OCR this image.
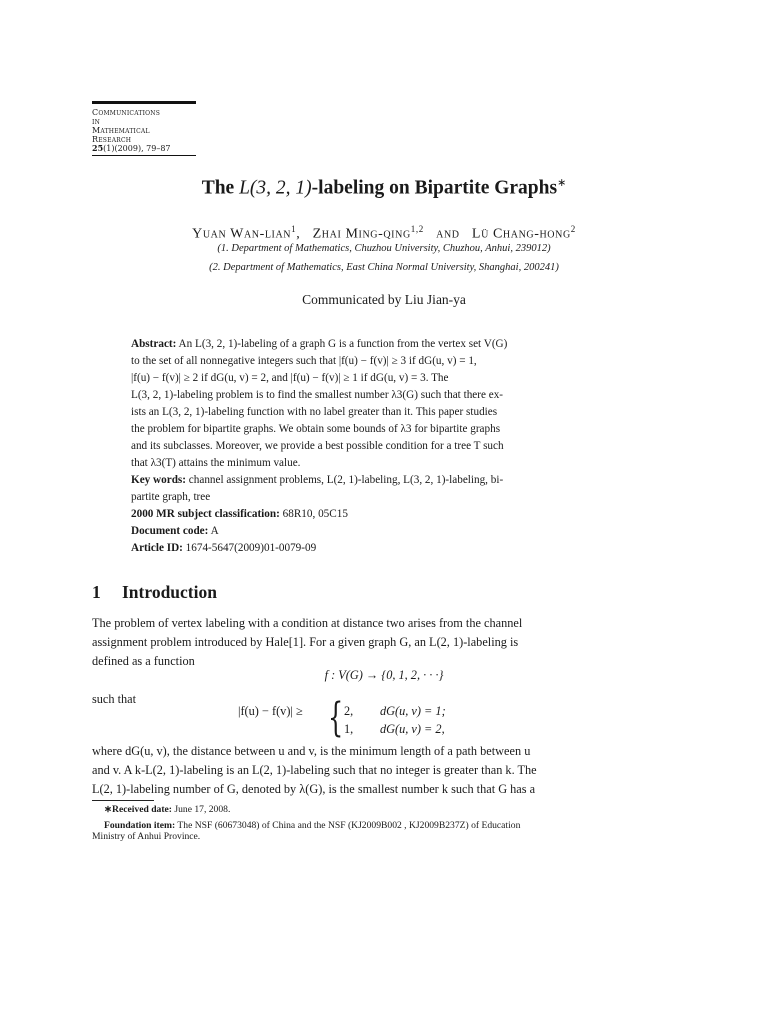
Communications
in
Mathematical
Research
25(1)(2009), 79–87
The L(3, 2, 1)-labeling on Bipartite Graphs∗
Yuan Wan-lian$^1$,   Zhai Ming-qing$^{1,2}$ and Lü Chang-hong$^2$
(1. Department of Mathematics, Chuzhou University, Chuzhou, Anhui, 239012)
(2. Department of Mathematics, East China Normal University, Shanghai, 200241)
Communicated by Liu Jian-ya
Abstract: An L(3, 2, 1)-labeling of a graph G is a function from the vertex set V(G)
to the set of all nonnegative integers such that |f(u) − f(v)| ≥ 3 if dG(u, v) = 1,
|f(u) − f(v)| ≥ 2 if dG(u, v) = 2, and |f(u) − f(v)| ≥ 1 if dG(u, v) = 3. The
L(3, 2, 1)-labeling problem is to find the smallest number λ3(G) such that there ex-
ists an L(3, 2, 1)-labeling function with no label greater than it. This paper studies
the problem for bipartite graphs. We obtain some bounds of λ3 for bipartite graphs
and its subclasses. Moreover, we provide a best possible condition for a tree T such
that λ3(T) attains the minimum value.
Key words: channel assignment problems, L(2, 1)-labeling, L(3, 2, 1)-labeling, bi-
partite graph, tree
2000 MR subject classification: 68R10, 05C15
Document code: A
Article ID: 1674-5647(2009)01-0079-09
1 Introduction
The problem of vertex labeling with a condition at distance two arises from the channel
assignment problem introduced by Hale[1]. For a given graph G, an L(2, 1)-labeling is
defined as a function
f : V(G) → {0, 1, 2, · · ·}
such that
|f(u) − f(v)| ≥ { 2, dG(u, v) = 1;
1, dG(u, v) = 2,
where dG(u, v), the distance between u and v, is the minimum length of a path between u
and v. A k-L(2, 1)-labeling is an L(2, 1)-labeling such that no integer is greater than k. The
L(2, 1)-labeling number of G, denoted by λ(G), is the smallest number k such that G has a
∗Received date: June 17, 2008.
Foundation item: The NSF (60673048) of China and the NSF (KJ2009B002 , KJ2009B237Z) of Education
Ministry of Anhui Province.
